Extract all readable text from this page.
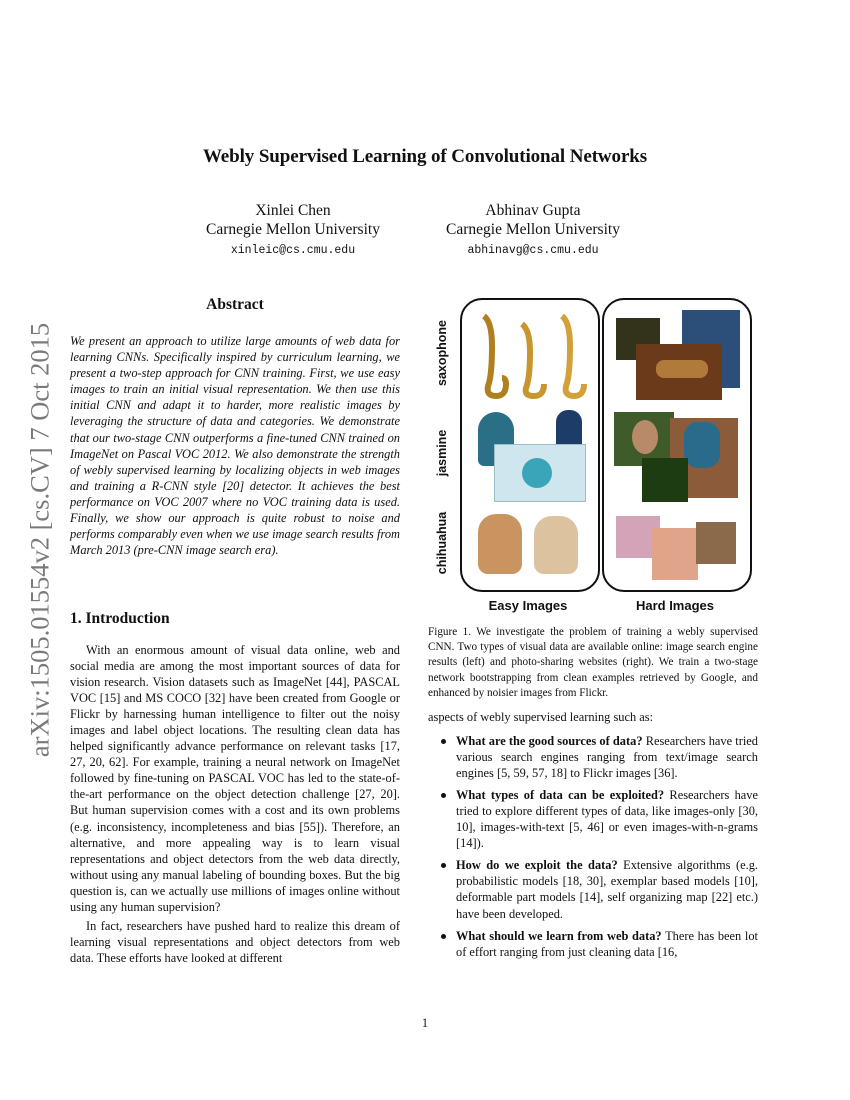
arXiv:1505.01554v2 [cs.CV] 7 Oct 2015
Webly Supervised Learning of Convolutional Networks
Xinlei Chen
Carnegie Mellon University
xinleic@cs.cmu.edu
Abhinav Gupta
Carnegie Mellon University
abhinavg@cs.cmu.edu
Abstract
We present an approach to utilize large amounts of web data for learning CNNs. Specifically inspired by curriculum learning, we present a two-step approach for CNN training. First, we use easy images to train an initial visual representation. We then use this initial CNN and adapt it to harder, more realistic images by leveraging the structure of data and categories. We demonstrate that our two-stage CNN outperforms a fine-tuned CNN trained on ImageNet on Pascal VOC 2012. We also demonstrate the strength of webly supervised learning by localizing objects in web images and training a R-CNN style [20] detector. It achieves the best performance on VOC 2007 where no VOC training data is used. Finally, we show our approach is quite robust to noise and performs comparably even when we use image search results from March 2013 (pre-CNN image search era).
1. Introduction

With an enormous amount of visual data online, web and social media are among the most important sources of data for vision research. Vision datasets such as ImageNet [44], PASCAL VOC [15] and MS COCO [32] have been created from Google or Flickr by harnessing human intelligence to filter out the noisy images and label object locations. The resulting clean data has helped significantly advance performance on relevant tasks [17, 27, 20, 62]. For example, training a neural network on ImageNet followed by fine-tuning on PASCAL VOC has led to the state-of-the-art performance on the object detection challenge [27, 20]. But human supervision comes with a cost and its own problems (e.g. inconsistency, incompleteness and bias [55]). Therefore, an alternative, and more appealing way is to learn visual representations and object detectors from the web data directly, without using any manual labeling of bounding boxes. But the big question is, can we actually use millions of images online without using any human supervision?

In fact, researchers have pushed hard to realize this dream of learning visual representations and object detectors from web data. These efforts have looked at different

saxophone
jasmine
chihuahua
Easy Images	Hard Images
Figure 1. We investigate the problem of training a webly supervised CNN. Two types of visual data are available online: image search engine results (left) and photo-sharing websites (right). We train a two-stage network bootstrapping from clean examples retrieved by Google, and enhanced by noisier images from Flickr.

aspects of webly supervised learning such as:

What are the good sources of data? Researchers have tried various search engines ranging from text/image search engines [5, 59, 57, 18] to Flickr images [36].
What types of data can be exploited? Researchers have tried to explore different types of data, like images-only [30, 10], images-with-text [5, 46] or even images-with-n-grams [14]).
How do we exploit the data? Extensive algorithms (e.g. probabilistic models [18, 30], exemplar based models [10], deformable part models [14], self organizing map [22] etc.) have been developed.
What should we learn from web data? There has been lot of effort ranging from just cleaning data [16,
1
